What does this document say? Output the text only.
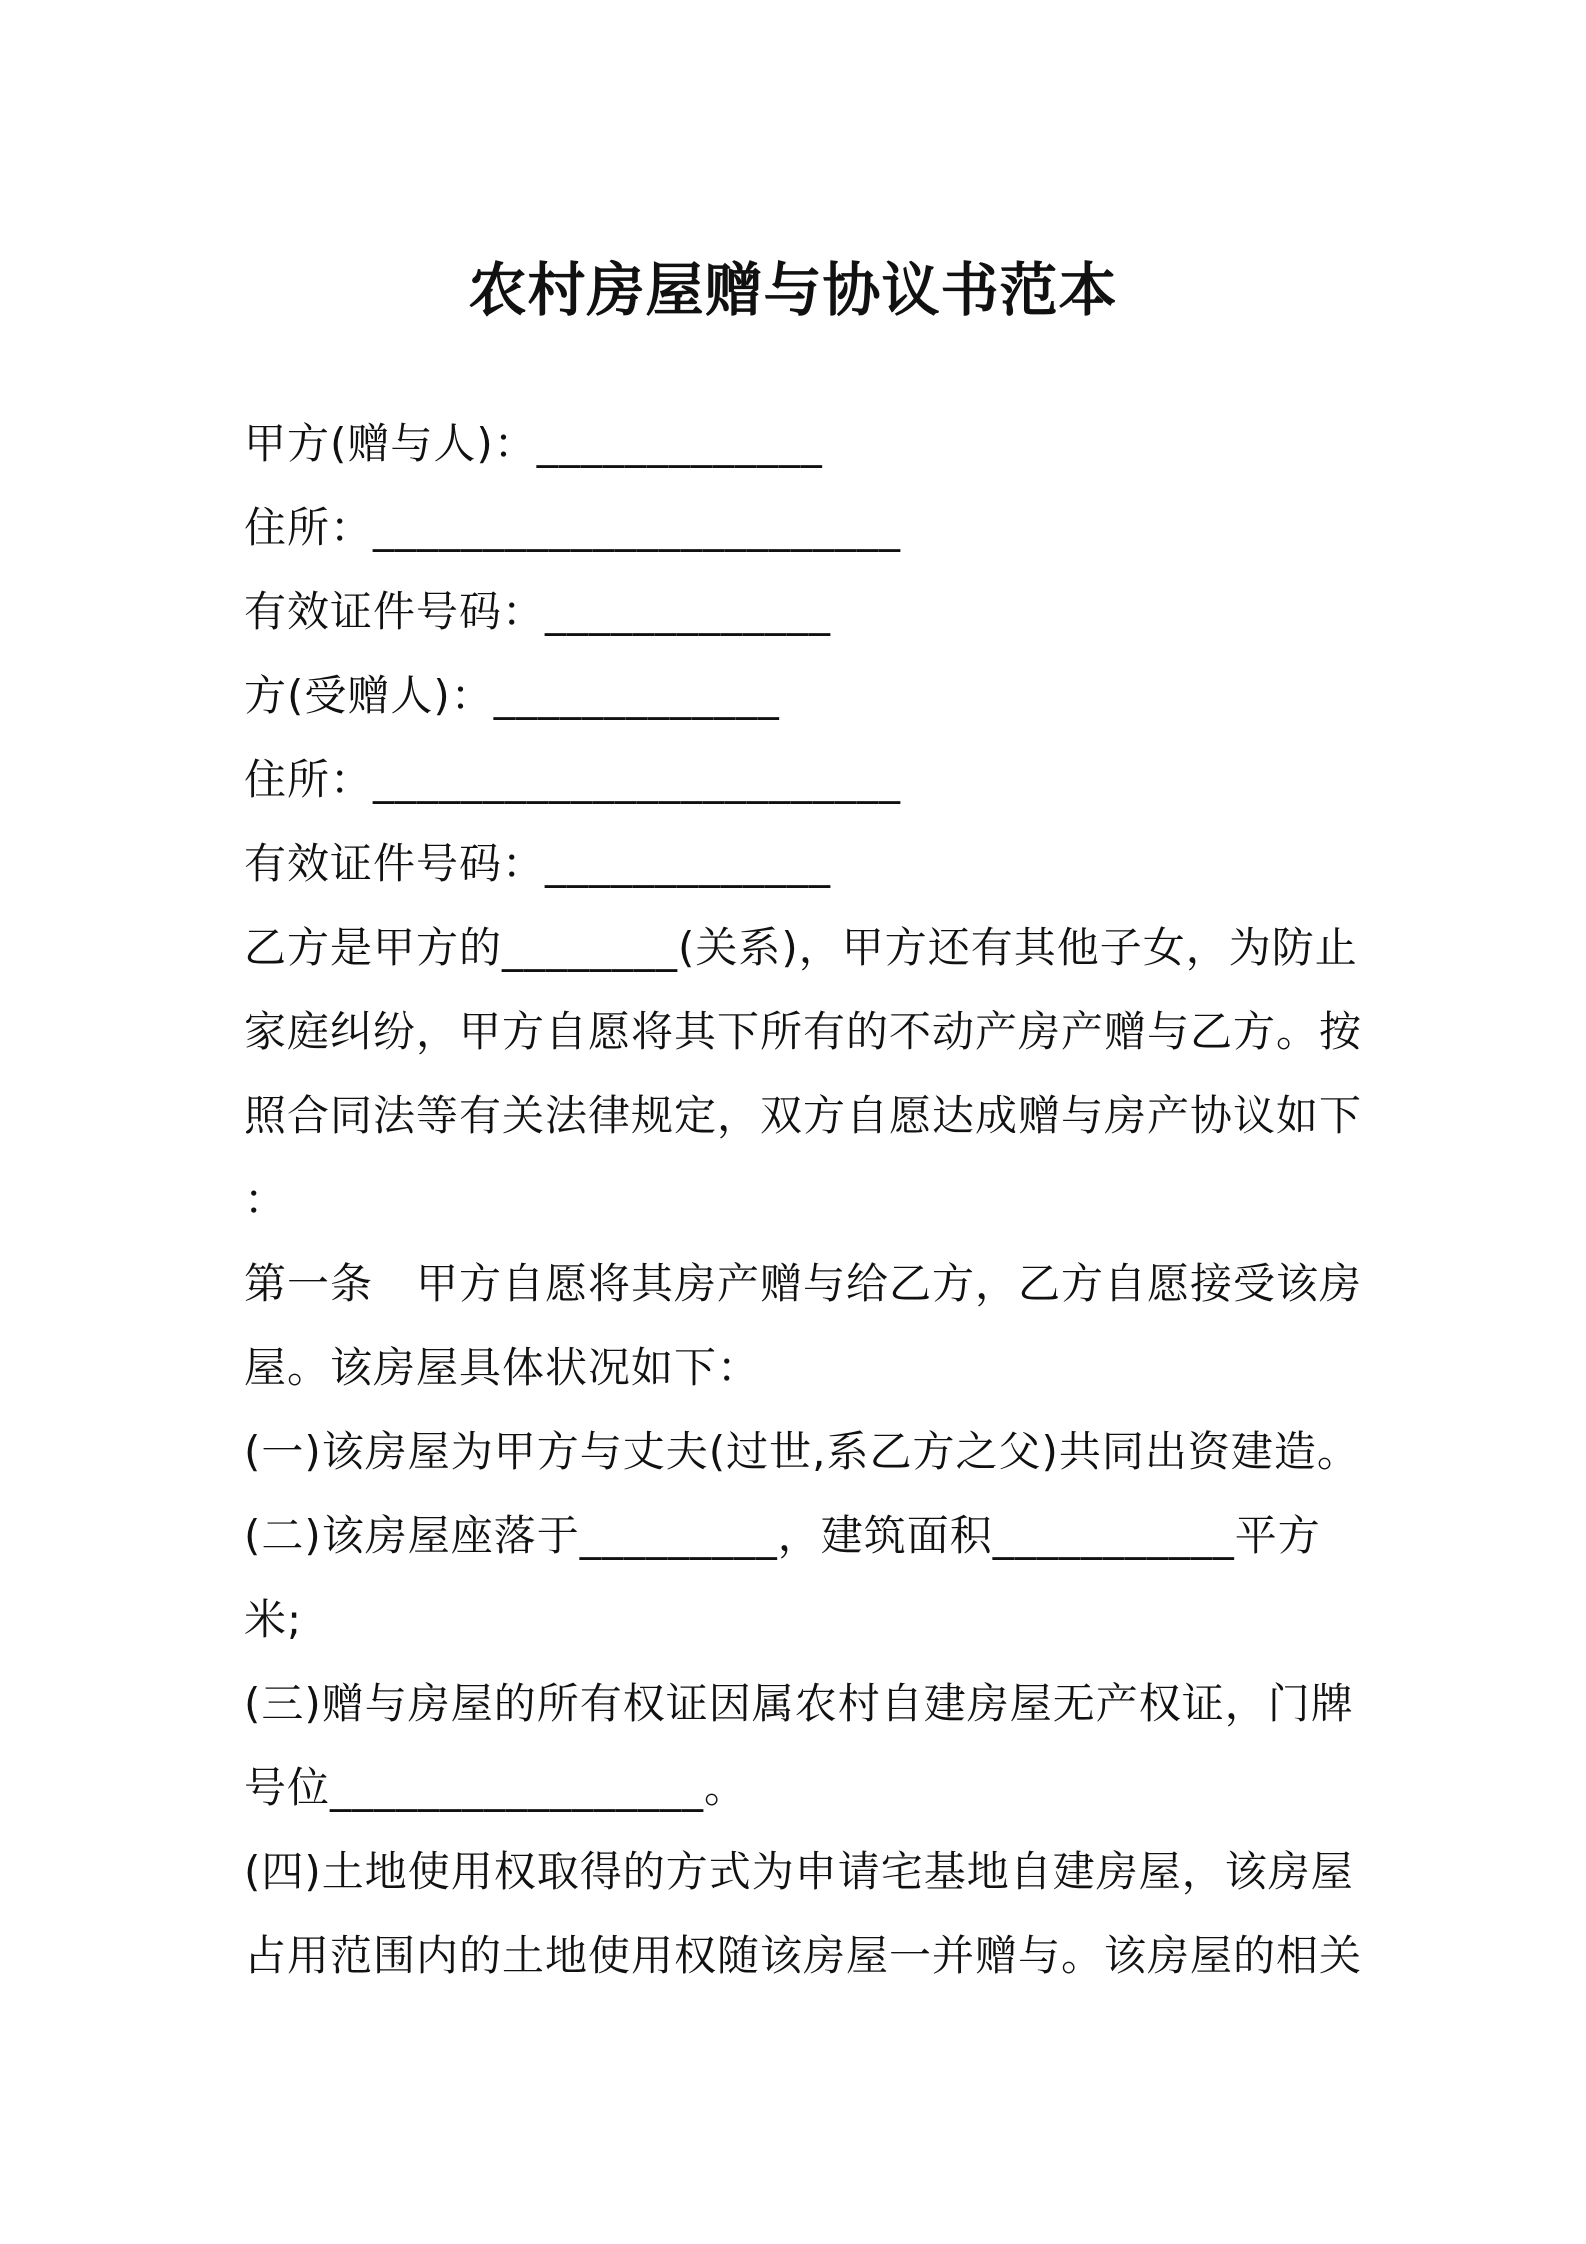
农村房屋赠与协议书范本
甲方(赠与人)：_____________
住所：________________________
有效证件号码：_____________
方(受赠人)：_____________
住所：________________________
有效证件号码：_____________
乙方是甲方的________(关系)，甲方还有其他子女，为防止
家庭纠纷，甲方自愿将其下所有的不动产房产赠与乙方。按
照合同法等有关法律规定，双方自愿达成赠与房产协议如下
：
第一条　甲方自愿将其房产赠与给乙方，乙方自愿接受该房
屋。该房屋具体状况如下：
(一)该房屋为甲方与丈夫(过世,系乙方之父)共同出资建造。
(二)该房屋座落于_________，建筑面积___________平方
米;
(三)赠与房屋的所有权证因属农村自建房屋无产权证，门牌
号位_________________。
(四)土地使用权取得的方式为申请宅基地自建房屋，该房屋
占用范围内的土地使用权随该房屋一并赠与。该房屋的相关
